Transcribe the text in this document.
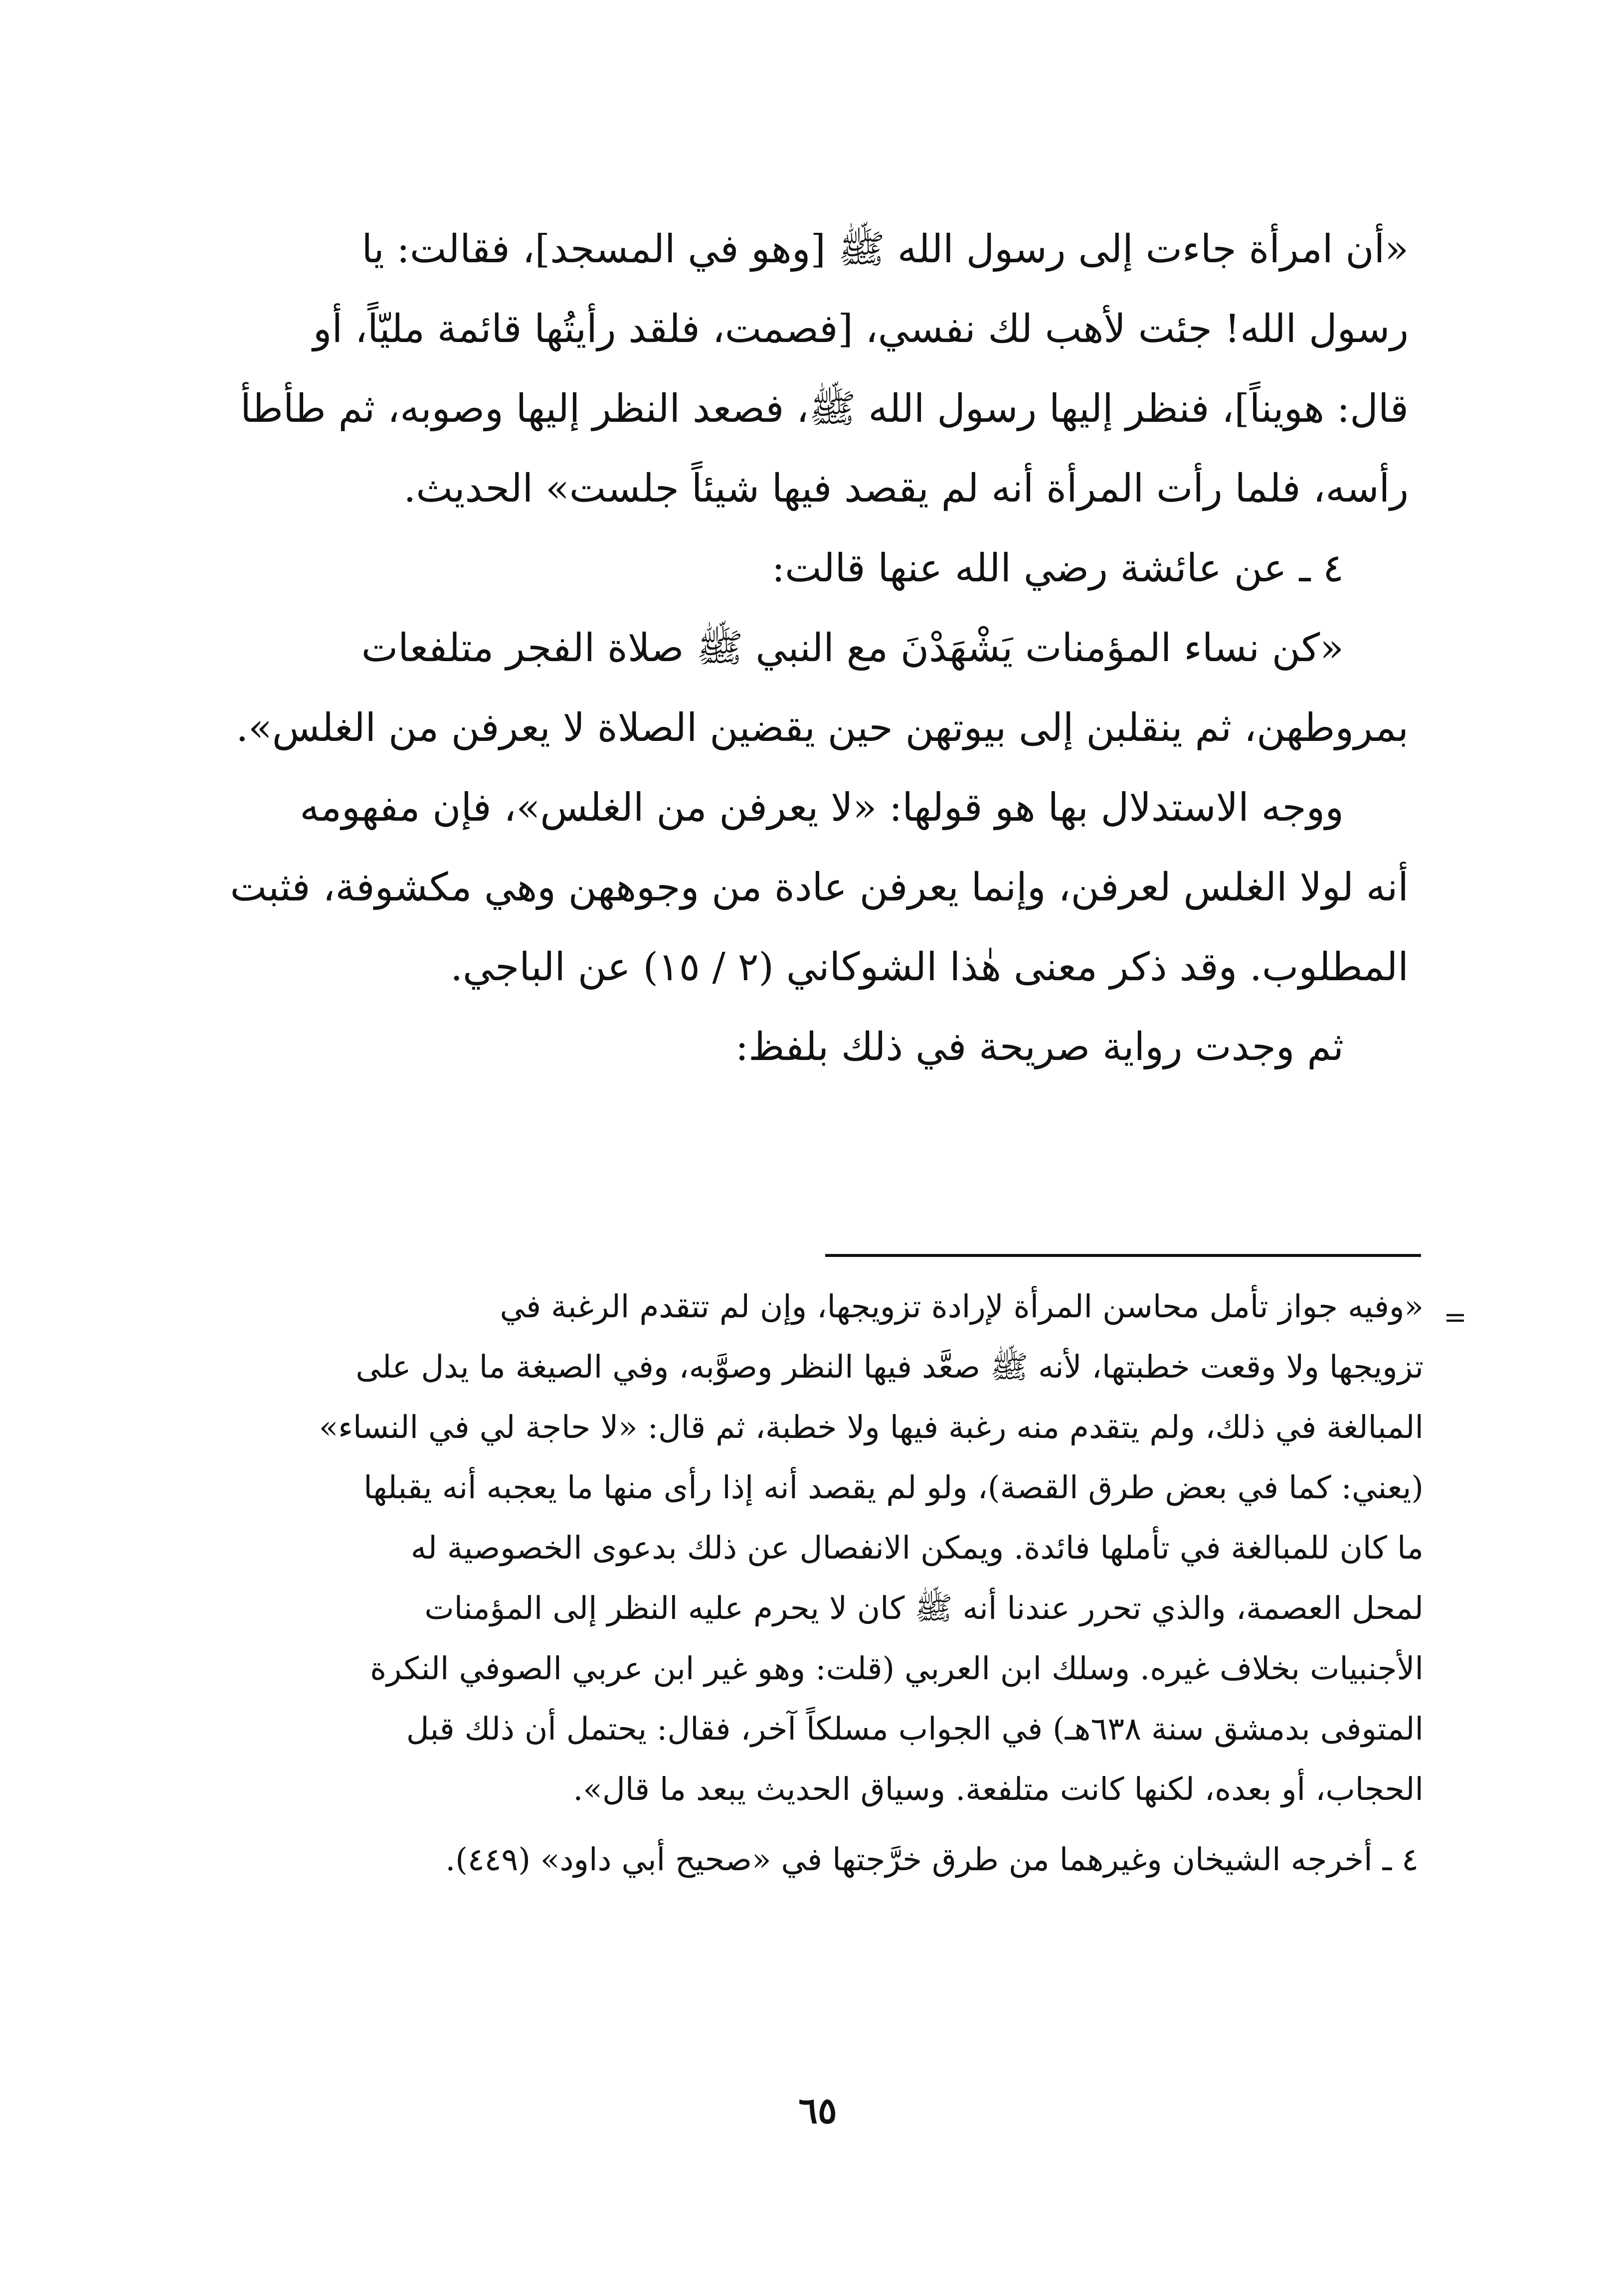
«أن امرأة جاءت إلى رسول الله ﷺ [وهو في المسجد]، فقالت: يا
رسول الله! جئت لأهب لك نفسي، [فصمت، فلقد رأيتُها قائمة مليّاً، أو
قال: هويناً]، فنظر إليها رسول الله ﷺ، فصعد النظر إليها وصوبه، ثم طأطأ
رأسه، فلما رأت المرأة أنه لم يقصد فيها شيئاً جلست» الحديث.
٤ ـ عن عائشة رضي الله عنها قالت:
«كن نساء المؤمنات يَشْهَدْنَ مع النبي ﷺ صلاة الفجر متلفعات
بمروطهن، ثم ينقلبن إلى بيوتهن حين يقضين الصلاة لا يعرفن من الغلس».
ووجه الاستدلال بها هو قولها: «لا يعرفن من الغلس»، فإن مفهومه
أنه لولا الغلس لعرفن، وإنما يعرفن عادة من وجوههن وهي مكشوفة، فثبت
المطلوب. وقد ذكر معنى هٰذا الشوكاني (٢ / ١٥) عن الباجي.
ثم وجدت رواية صريحة في ذلك بلفظ:
=
«وفيه جواز تأمل محاسن المرأة لإرادة تزويجها، وإن لم تتقدم الرغبة في
تزويجها ولا وقعت خطبتها، لأنه ﷺ صعَّد فيها النظر وصوَّبه، وفي الصيغة ما يدل على
المبالغة في ذلك، ولم يتقدم منه رغبة فيها ولا خطبة، ثم قال: «لا حاجة لي في النساء»
(يعني: كما في بعض طرق القصة)، ولو لم يقصد أنه إذا رأى منها ما يعجبه أنه يقبلها
ما كان للمبالغة في تأملها فائدة. ويمكن الانفصال عن ذلك بدعوى الخصوصية له
لمحل العصمة، والذي تحرر عندنا أنه ﷺ كان لا يحرم عليه النظر إلى المؤمنات
الأجنبيات بخلاف غيره. وسلك ابن العربي (قلت: وهو غير ابن عربي الصوفي النكرة
المتوفى بدمشق سنة ٦٣٨هـ) في الجواب مسلكاً آخر، فقال: يحتمل أن ذلك قبل
الحجاب، أو بعده، لكنها كانت متلفعة. وسياق الحديث يبعد ما قال».
٤ ـ أخرجه الشيخان وغيرهما من طرق خرَّجتها في «صحيح أبي داود» (٤٤٩).
٦٥
